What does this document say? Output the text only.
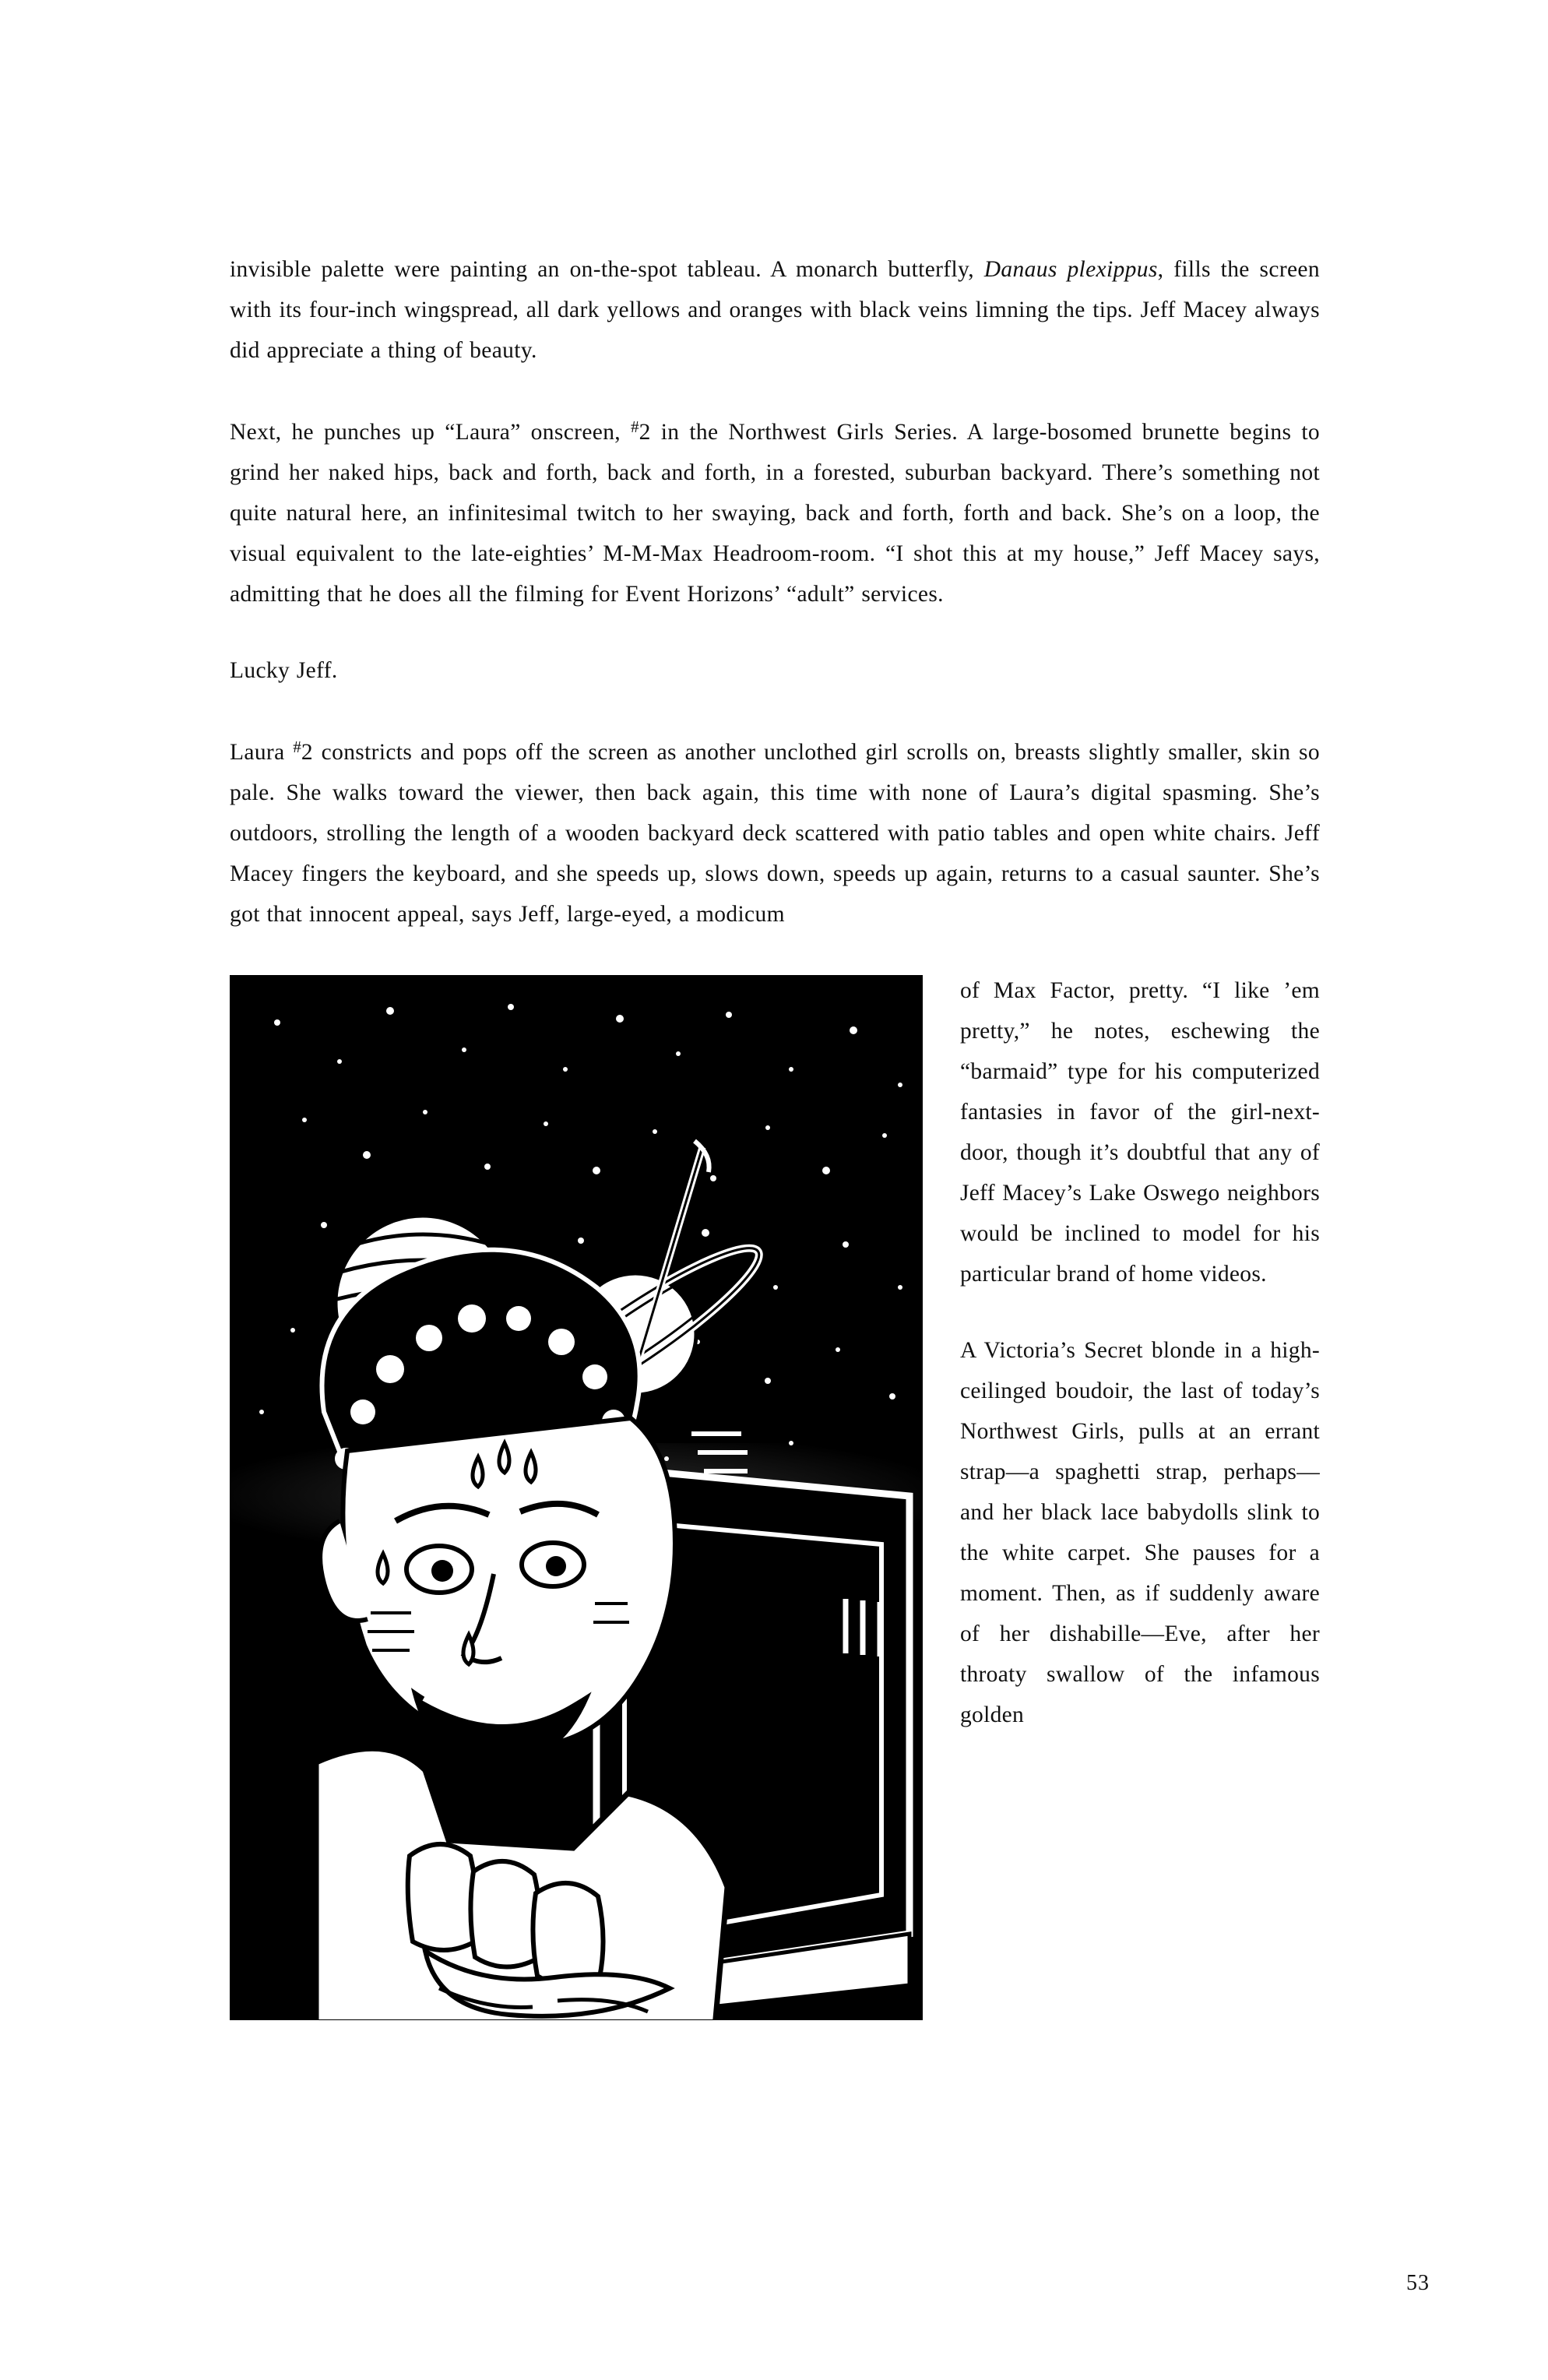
invisible palette were painting an on-the-spot tableau. A monarch butterfly, Danaus plexippus, fills the screen with its four-inch wingspread, all dark yellows and oranges with black veins limning the tips. Jeff Macey always did appreciate a thing of beauty.

Next, he punches up “Laura” onscreen, #2 in the Northwest Girls Series. A large-bosomed brunette begins to grind her naked hips, back and forth, back and forth, in a forested, suburban backyard. There’s something not quite natural here, an infinitesimal twitch to her swaying, back and forth, forth and back. She’s on a loop, the visual equivalent to the late-eighties’ M-M-Max Headroom-room. “I shot this at my house,” Jeff Macey says, admitting that he does all the filming for Event Horizons’ “adult” services.

Lucky Jeff.

Laura #2 constricts and pops off the screen as another unclothed girl scrolls on, breasts slightly smaller, skin so pale. She walks toward the viewer, then back again, this time with none of Laura’s digital spasming. She’s outdoors, strolling the length of a wooden backyard deck scattered with patio tables and open white chairs. Jeff Macey fingers the keyboard, and she speeds up, slows down, speeds up again, returns to a casual saunter. She’s got that innocent appeal, says Jeff, large-eyed, a modicum

of Max Factor, pretty. “I like ’em pretty,” he notes, eschewing the “barmaid” type for his computerized fantasies in favor of the girl-next-door, though it’s doubtful that any of Jeff Macey’s Lake Oswego neighbors would be inclined to model for his particular brand of home videos.

A Victoria’s Secret blonde in a high-ceilinged boudoir, the last of today’s Northwest Girls, pulls at an errant strap—a spaghetti strap, perhaps—and her black lace babydolls slink to the white carpet. She pauses for a moment. Then, as if suddenly aware of her dishabille—Eve, after her throaty swallow of the infamous golden

53
